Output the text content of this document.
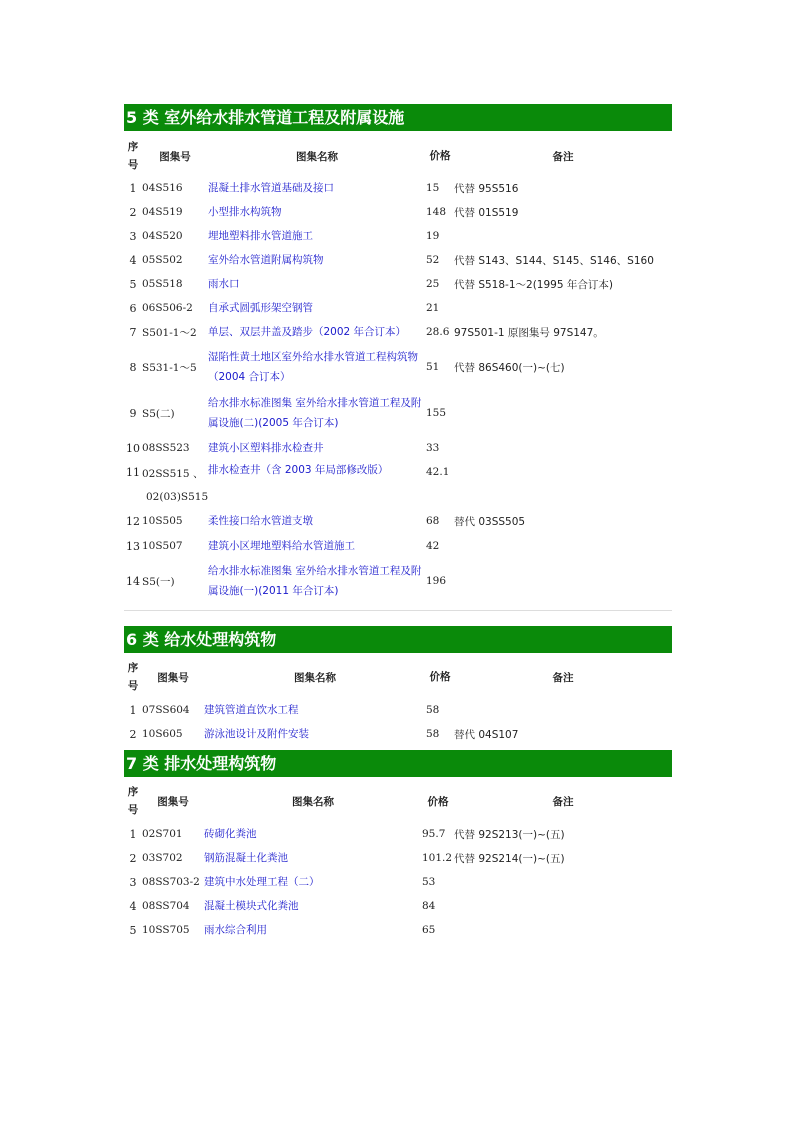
5 类 室外给水排水管道工程及附属设施
序号	图集号	图集名称	价格	备注
1	04S516	混凝土排水管道基础及接口	15	代替 95S516
2	04S519	小型排水构筑物	148	代替 01S519
3	04S520	埋地塑料排水管道施工	19	
4	05S502	室外给水管道附属构筑物	52	代替 S143、S144、S145、S146、S160
5	05S518	雨水口	25	代替 S518-1～2(1995 年合订本)
6	06S506-2	自承式圆弧形架空钢管	21	
7	S501-1～2	单层、双层井盖及踏步（2002 年合订本）	28.6	97S501-1 原图集号 97S147。
8	S531-1～5	湿陷性黄土地区室外给水排水管道工程构筑物（2004 合订本）	51	代替 86S460(一)~(七)
9	S5(二)	给水排水标准图集 室外给水排水管道工程及附属设施(二)(2005 年合订本)	155	
10	08SS523	建筑小区塑料排水检查井	33	
11	02SS515 、	排水检查井（含 2003 年局部修改版）	42.1	
	02(03)S515			
12	10S505	柔性接口给水管道支墩	68	替代 03SS505
13	10S507	建筑小区埋地塑料给水管道施工	42	
14	S5(一)	给水排水标准图集 室外给水排水管道工程及附属设施(一)(2011 年合订本)	196	
6 类 给水处理构筑物
序号	图集号	图集名称	价格	备注
1	07SS604	建筑管道直饮水工程	58	
2	10S605	游泳池设计及附件安装	58	替代 04S107
7 类 排水处理构筑物
序号	图集号	图集名称	价格	备注
1	02S701	砖砌化粪池	95.7	代替 92S213(一)~(五)
2	03S702	钢筋混凝土化粪池	101.2	代替 92S214(一)~(五)
3	08SS703-2	建筑中水处理工程（二）	53	
4	08SS704	混凝土模块式化粪池	84	
5	10SS705	雨水综合利用	65	
